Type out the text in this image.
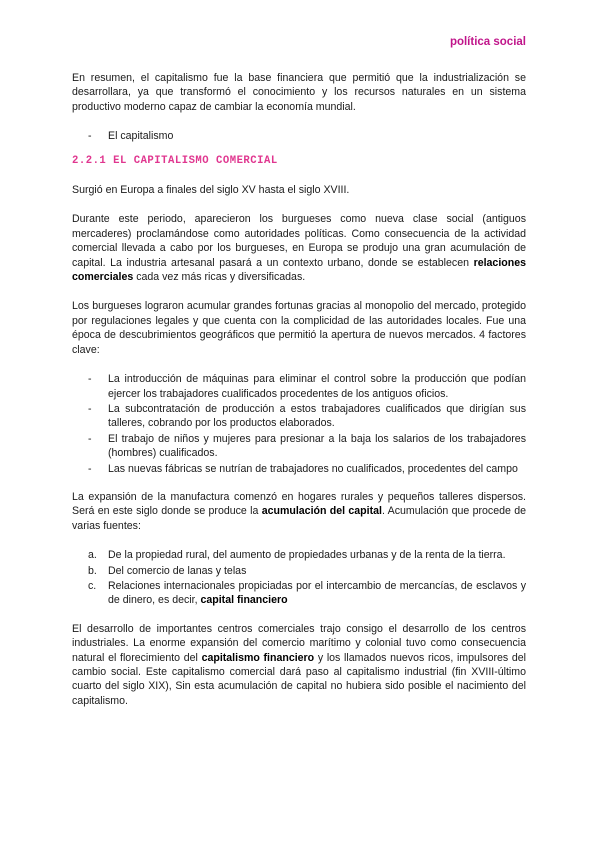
política social

En resumen, el capitalismo fue la base financiera que permitió que la industrialización se desarrollara, ya que transformó el conocimiento y los recursos naturales en un sistema productivo moderno capaz de cambiar la economía mundial.

-	El capitalismo
2.2.1 EL CAPITALISMO COMERCIAL

Surgió en Europa a finales del siglo XV hasta el siglo XVIII.

Durante este periodo, aparecieron los burgueses como nueva clase social (antiguos mercaderes) proclamándose como autoridades políticas. Como consecuencia de la actividad comercial llevada a cabo por los burgueses, en Europa se produjo una gran acumulación de capital. La industria artesanal pasará a un contexto urbano, donde se establecen relaciones comerciales cada vez más ricas y diversificadas.

Los burgueses lograron acumular grandes fortunas gracias al monopolio del mercado, protegido por regulaciones legales y que cuenta con la complicidad de las autoridades locales. Fue una época de descubrimientos geográficos que permitió la apertura de nuevos mercados. 4 factores clave:

-	La introducción de máquinas para eliminar el control sobre la producción que podían ejercer los trabajadores cualificados procedentes de los antiguos oficios.
-	La subcontratación de producción a estos trabajadores cualificados que dirigían sus talleres, cobrando por los productos elaborados.
-	El trabajo de niños y mujeres para presionar a la baja los salarios de los trabajadores (hombres) cualificados.
-	Las nuevas fábricas se nutrían de trabajadores no cualificados, procedentes del campo

La expansión de la manufactura comenzó en hogares rurales y pequeños talleres dispersos. Será en este siglo donde se produce la acumulación del capital. Acumulación que procede de varias fuentes:

a.	De la propiedad rural, del aumento de propiedades urbanas y de la renta de la tierra.
b.	Del comercio de lanas y telas
c.	Relaciones internacionales propiciadas por el intercambio de mercancías, de esclavos y de dinero, es decir, capital financiero

El desarrollo de importantes centros comerciales trajo consigo el desarrollo de los centros industriales. La enorme expansión del comercio marítimo y colonial tuvo como consecuencia natural el florecimiento del capitalismo financiero y los llamados nuevos ricos, impulsores del cambio social. Este capitalismo comercial dará paso al capitalismo industrial (fin XVIII-último cuarto del siglo XIX), Sin esta acumulación de capital no hubiera sido posible el nacimiento del capitalismo.
